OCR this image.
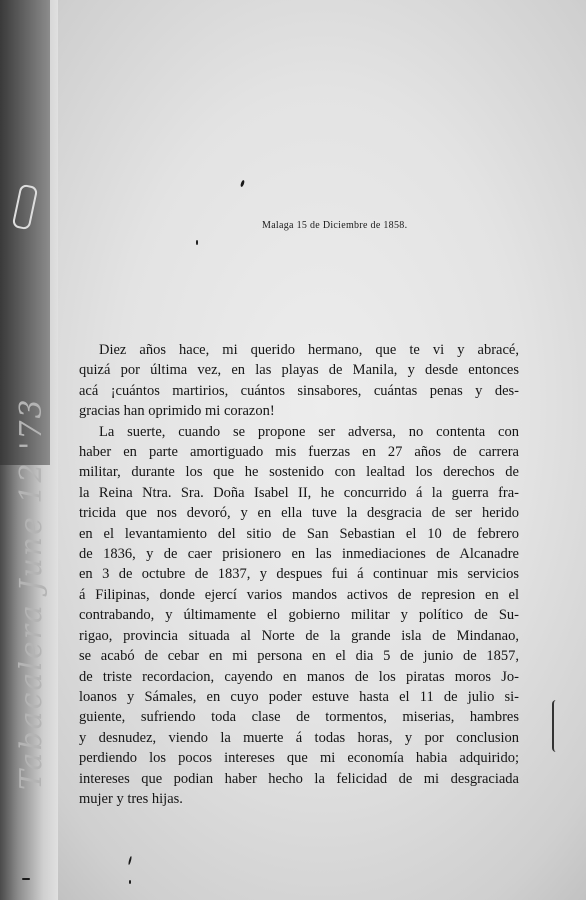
Tabacalera June 12 '73
Malaga 15 de Diciembre de 1858.
Diez años hace, mi querido hermano, que te vi y abracé,
quizá por última vez, en las playas de Manila, y desde entonces
acá ¡cuántos martirios, cuántos sinsabores, cuántas penas y des-
gracias han oprimido mi corazon!
La suerte, cuando se propone ser adversa, no contenta con
haber en parte amortiguado mis fuerzas en 27 años de carrera
militar, durante los que he sostenido con lealtad los derechos de
la Reina Ntra. Sra. Doña Isabel II, he concurrido á la guerra fra-
tricida que nos devoró, y en ella tuve la desgracia de ser herido
en el levantamiento del sitio de San Sebastian el 10 de febrero
de 1836, y de caer prisionero en las inmediaciones de Alcanadre
en 3 de octubre de 1837, y despues fui á continuar mis servicios
á Filipinas, donde ejercí varios mandos activos de represion en el
contrabando, y últimamente el gobierno militar y político de Su-
rigao, provincia situada al Norte de la grande isla de Mindanao,
se acabó de cebar en mi persona en el dia 5 de junio de 1857,
de triste recordacion, cayendo en manos de los piratas moros Jo-
loanos y Sámales, en cuyo poder estuve hasta el 11 de julio si-
guiente, sufriendo toda clase de tormentos, miserias, hambres
y desnudez, viendo la muerte á todas horas, y por conclusion
perdiendo los pocos intereses que mi economía habia adquirido;
intereses que podian haber hecho la felicidad de mi desgraciada
mujer y tres hijas.
